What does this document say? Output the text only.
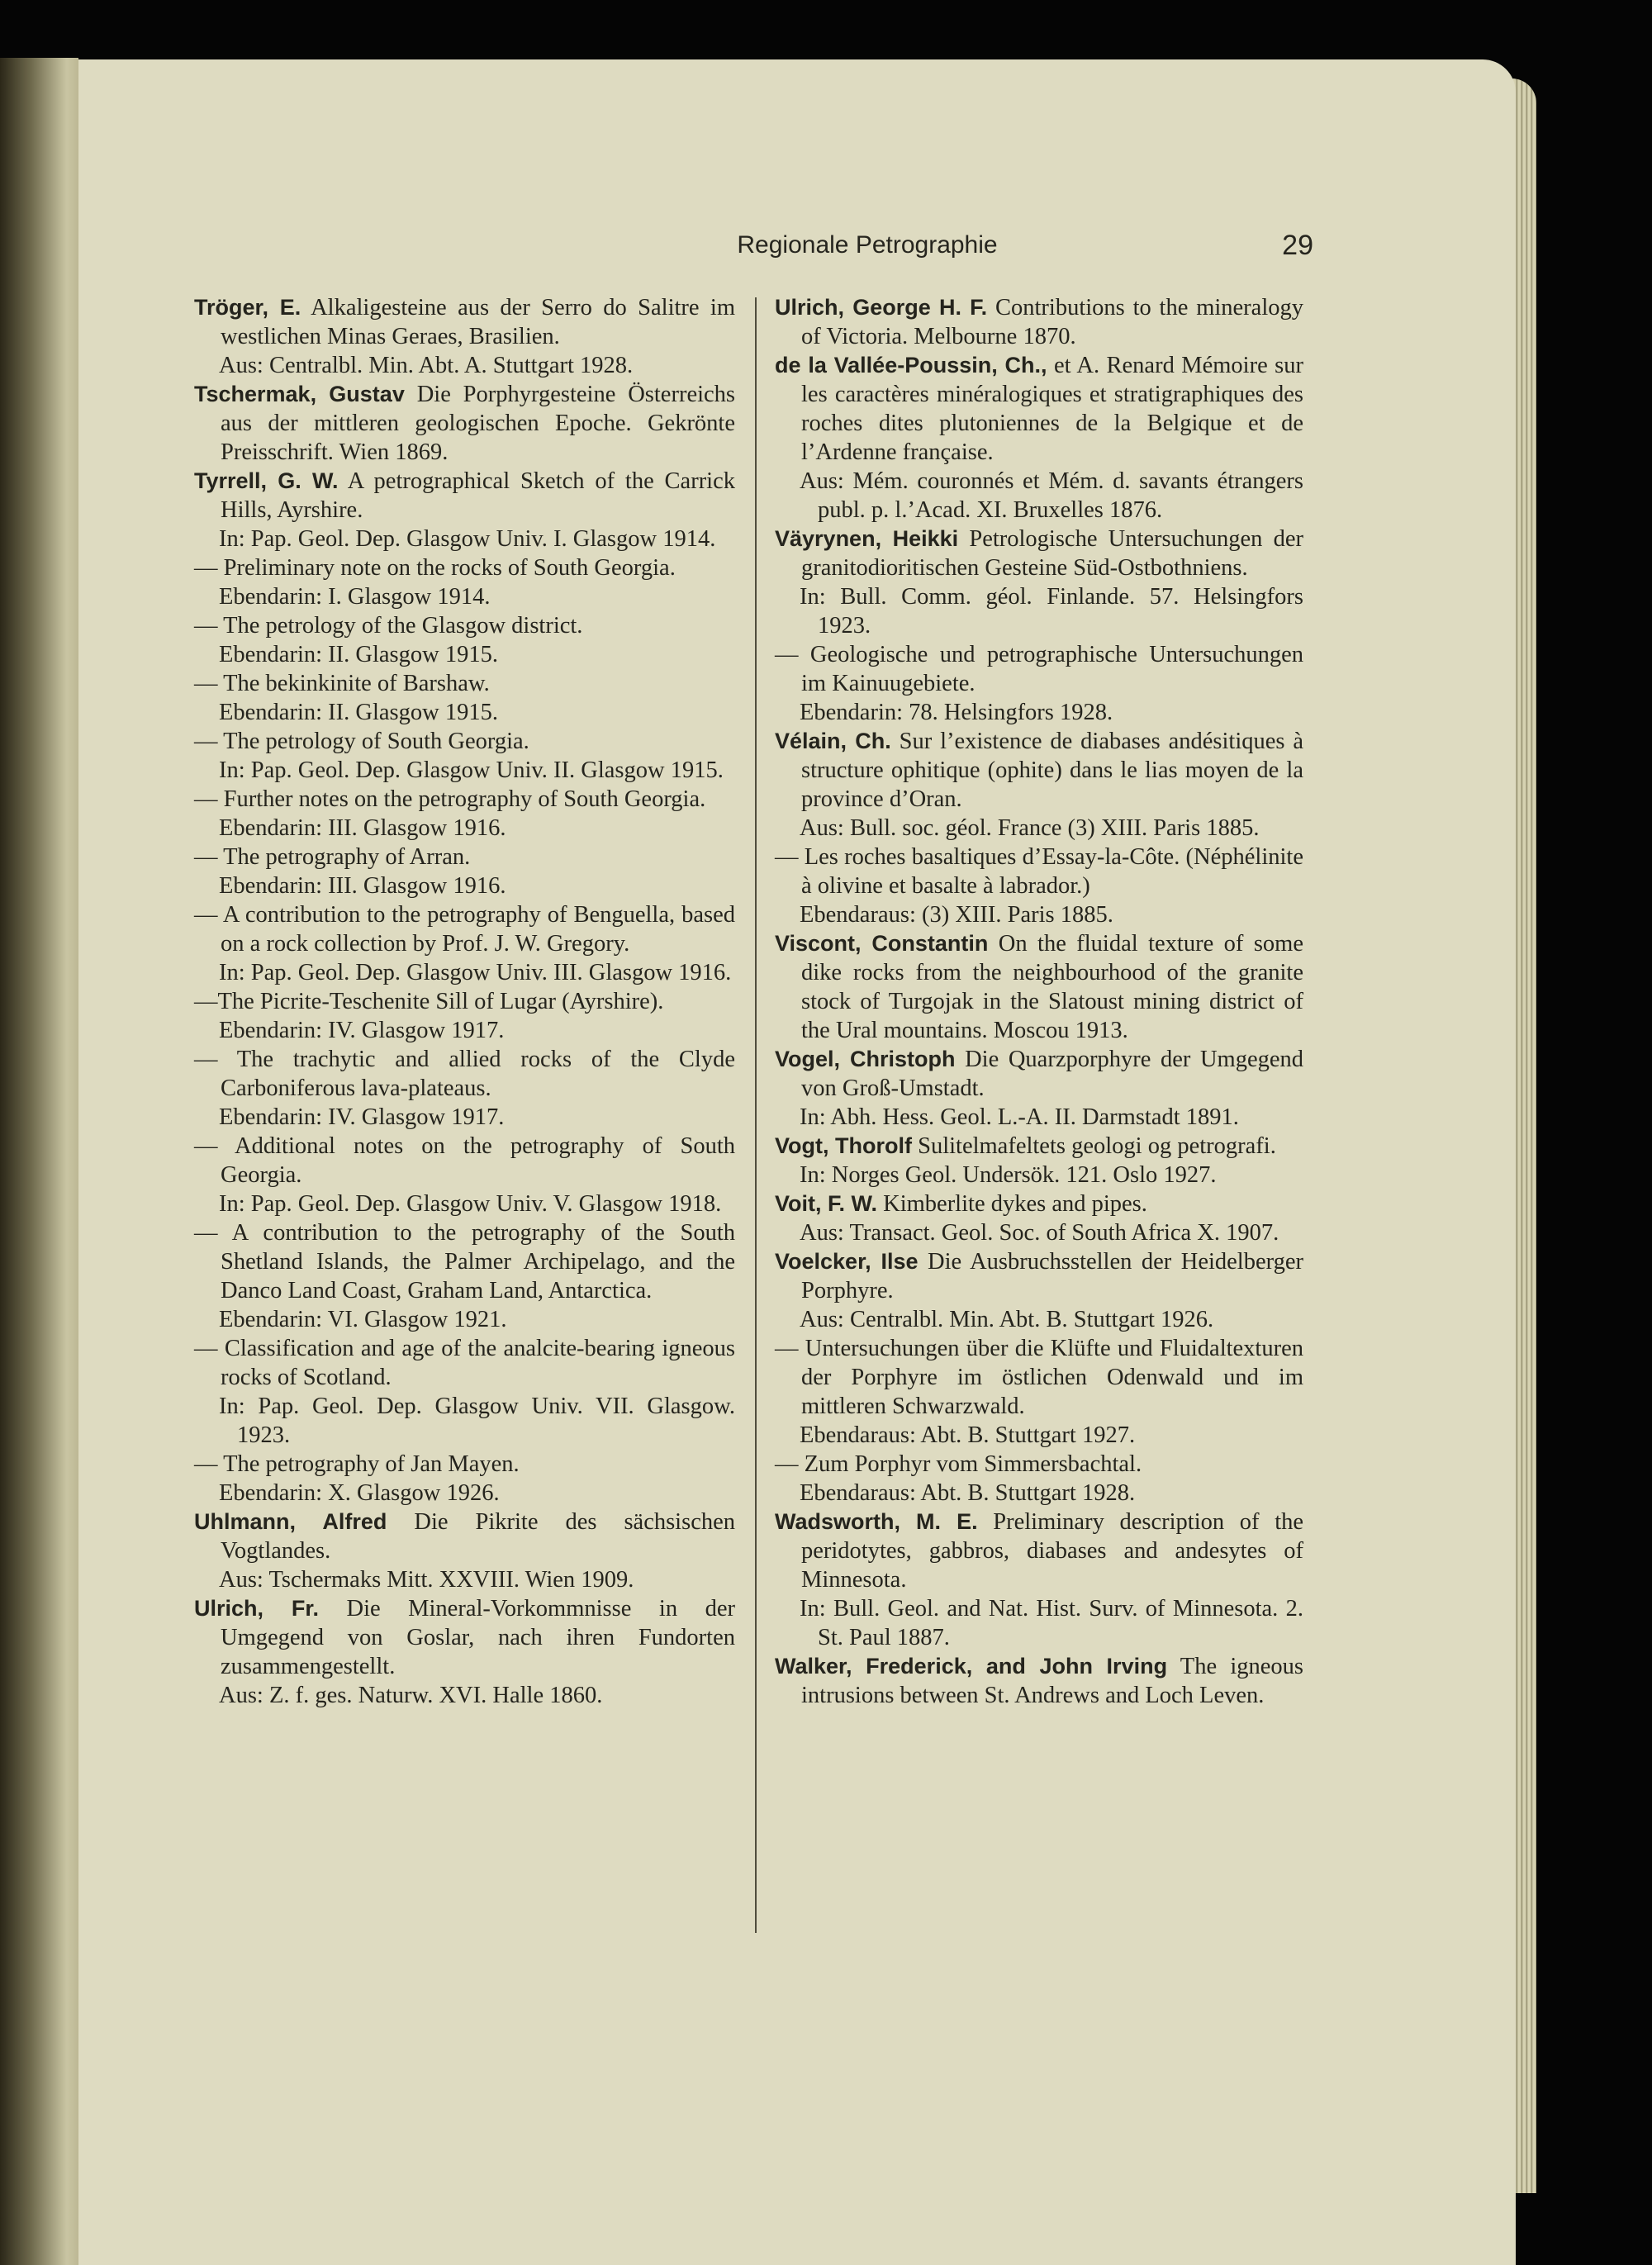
Regionale Petrographie	29

Tröger, E. Alkaligesteine aus der Serro do Salitre im westlichen Minas Geraes, Brasilien.

Aus: Centralbl. Min. Abt. A. Stuttgart 1928.

Tschermak, Gustav Die Porphyrgesteine Österreichs aus der mittleren geologischen Epoche. Gekrönte Preisschrift. Wien 1869.

Tyrrell, G. W. A petrographical Sketch of the Carrick Hills, Ayrshire.

In: Pap. Geol. Dep. Glasgow Univ. I. Glasgow 1914.

— Preliminary note on the rocks of South Georgia.

Ebendarin: I. Glasgow 1914.

— The petrology of the Glasgow district.

Ebendarin: II. Glasgow 1915.

— The bekinkinite of Barshaw.

Ebendarin: II. Glasgow 1915.

— The petrology of South Georgia.

In: Pap. Geol. Dep. Glasgow Univ. II. Glasgow 1915.

— Further notes on the petrography of South Georgia.

Ebendarin: III. Glasgow 1916.

— The petrography of Arran.

Ebendarin: III. Glasgow 1916.

— A contribution to the petrography of Benguella, based on a rock collection by Prof. J. W. Gregory.

In: Pap. Geol. Dep. Glasgow Univ. III. Glasgow 1916.

—The Picrite-Teschenite Sill of Lugar (Ayrshire).

Ebendarin: IV. Glasgow 1917.

— The trachytic and allied rocks of the Clyde Carboniferous lava-plateaus.

Ebendarin: IV. Glasgow 1917.

— Additional notes on the petrography of South Georgia.

In: Pap. Geol. Dep. Glasgow Univ. V. Glasgow 1918.

— A contribution to the petrography of the South Shetland Islands, the Palmer Archipelago, and the Danco Land Coast, Graham Land, Antarctica.

Ebendarin: VI. Glasgow 1921.

— Classification and age of the analcite-bearing igneous rocks of Scotland.

In: Pap. Geol. Dep. Glasgow Univ. VII. Glasgow. 1923.

— The petrography of Jan Mayen.

Ebendarin: X. Glasgow 1926.

Uhlmann, Alfred Die Pikrite des sächsischen Vogtlandes.

Aus: Tschermaks Mitt. XXVIII. Wien 1909.

Ulrich, Fr. Die Mineral-Vorkommnisse in der Umgegend von Goslar, nach ihren Fundorten zusammengestellt.

Aus: Z. f. ges. Naturw. XVI. Halle 1860.

Ulrich, George H. F. Contributions to the mineralogy of Victoria. Melbourne 1870.

de la Vallée-Poussin, Ch., et A. Renard Mémoire sur les caractères minéralogiques et stratigraphiques des roches dites plutoniennes de la Belgique et de l’Ardenne française.

Aus: Mém. couronnés et Mém. d. savants étrangers publ. p. l.’Acad. XI. Bruxelles 1876.

Väyrynen, Heikki Petrologische Untersuchungen der granitodioritischen Gesteine Süd-Ostbothniens.

In: Bull. Comm. géol. Finlande. 57. Helsingfors 1923.

— Geologische und petrographische Untersuchungen im Kainuugebiete.

Ebendarin: 78. Helsingfors 1928.

Vélain, Ch. Sur l’existence de diabases andésitiques à structure ophitique (ophite) dans le lias moyen de la province d’Oran.

Aus: Bull. soc. géol. France (3) XIII. Paris 1885.

— Les roches basaltiques d’Essay-la-Côte. (Néphélinite à olivine et basalte à labrador.)

Ebendaraus: (3) XIII. Paris 1885.

Viscont, Constantin On the fluidal texture of some dike rocks from the neighbourhood of the granite stock of Turgojak in the Slatoust mining district of the Ural mountains. Moscou 1913.

Vogel, Christoph Die Quarzporphyre der Umgegend von Groß-Umstadt.

In: Abh. Hess. Geol. L.-A. II. Darmstadt 1891.

Vogt, Thorolf Sulitelmafeltets geologi og petrografi.

In: Norges Geol. Undersök. 121. Oslo 1927.

Voit, F. W. Kimberlite dykes and pipes.

Aus: Transact. Geol. Soc. of South Africa X. 1907.

Voelcker, Ilse Die Ausbruchsstellen der Heidelberger Porphyre.

Aus: Centralbl. Min. Abt. B. Stuttgart 1926.

— Untersuchungen über die Klüfte und Fluidaltexturen der Porphyre im östlichen Odenwald und im mittleren Schwarzwald.

Ebendaraus: Abt. B. Stuttgart 1927.

— Zum Porphyr vom Simmersbachtal.

Ebendaraus: Abt. B. Stuttgart 1928.

Wadsworth, M. E. Preliminary description of the peridotytes, gabbros, diabases and andesytes of Minnesota.

In: Bull. Geol. and Nat. Hist. Surv. of Minnesota. 2. St. Paul 1887.

Walker, Frederick, and John Irving The igneous intrusions between St. Andrews and Loch Leven.
